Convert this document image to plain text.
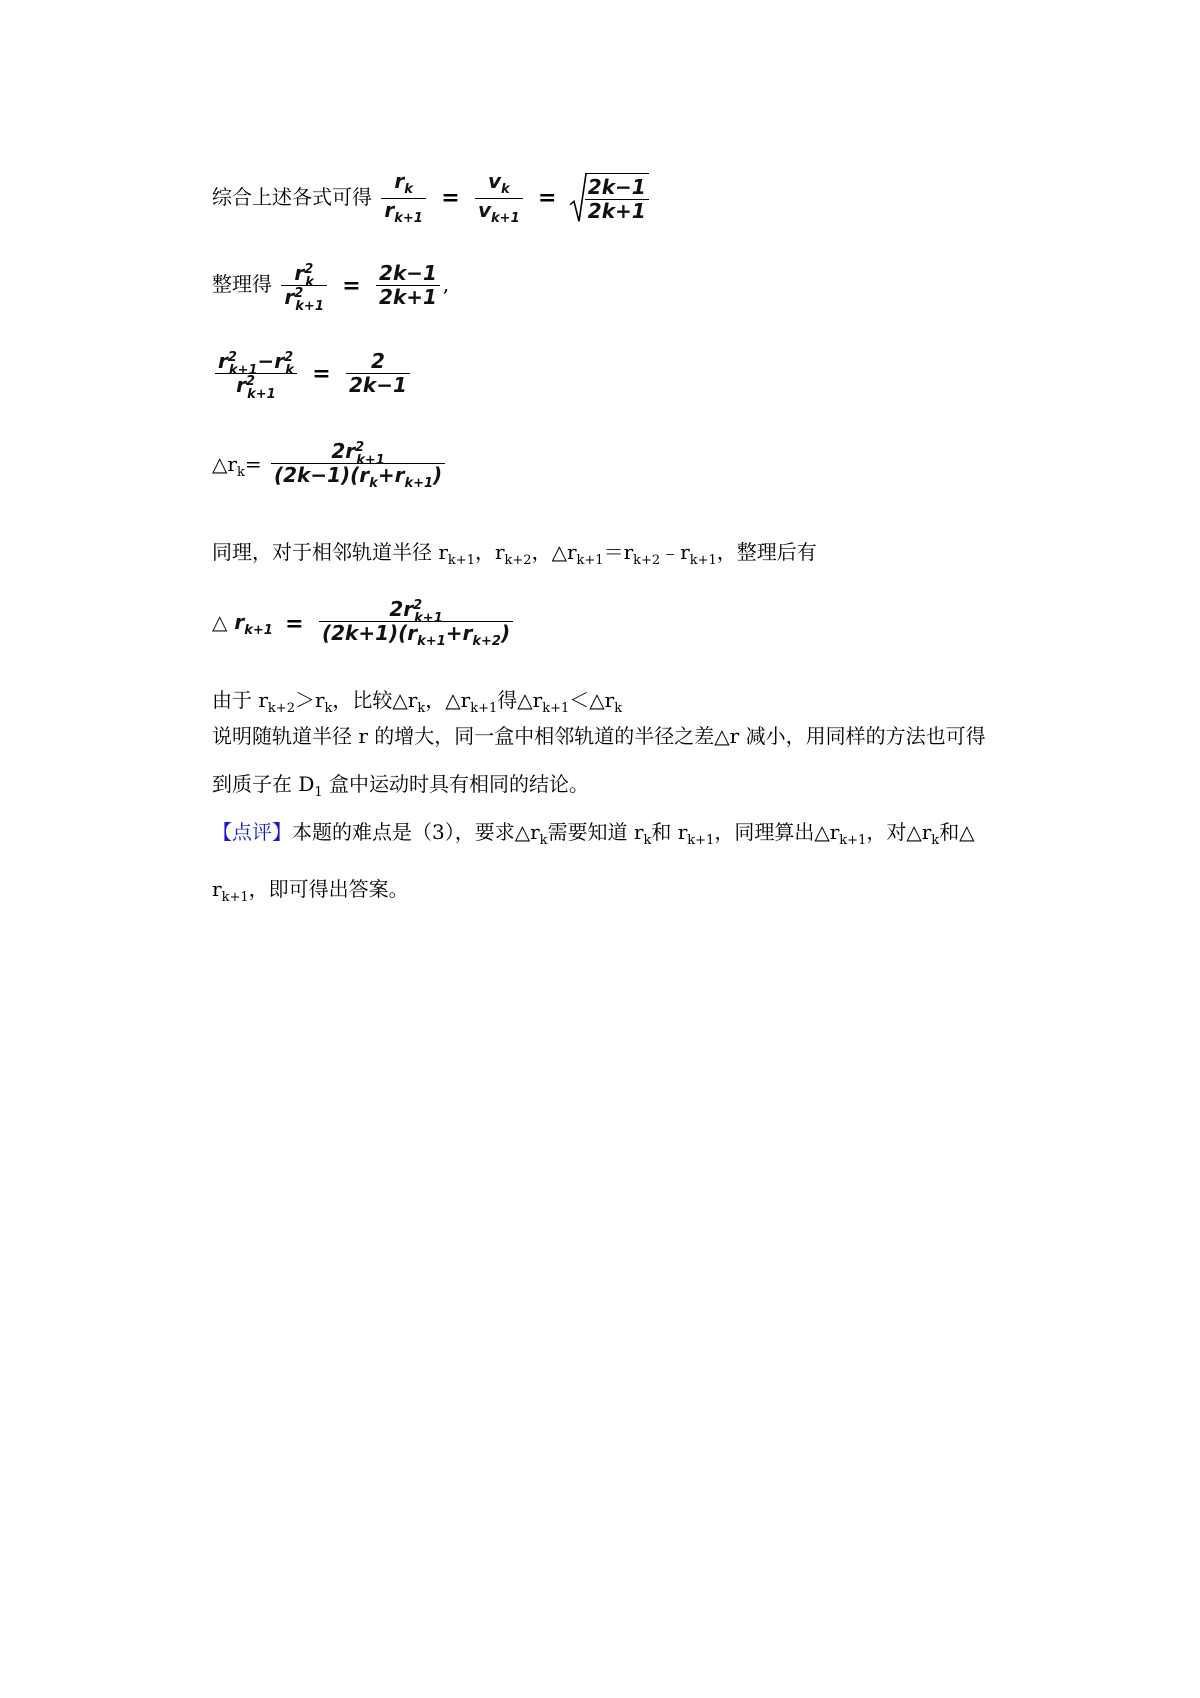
综合上述各式可得 $\frac{r_k}{r_{k+1}} = \frac{v_k}{v_{k+1}} = \frac{2k-1}{2k+1}$
整理得 $\frac{r^2_k}{r^2_{k+1}} = \frac{2k-1}{2k+1}$ ,
$\frac{r^2_{k+1}-r^2_k}{r^2_{k+1}} = \frac{2}{2k-1}$
$\triangle r_k= \frac{2r^2_{k+1}}{(2k-1)(r_k+r_{k+1})}$
同理，对于相邻轨道半径 $r_{k+1}$，$r_{k+2}$，$\triangle r_{k+1}=r_{k+2}﹣r_{k+1}$，整理后有
△ $r_{k+1} = \frac{2r^2_{k+1}}{(2k+1)(r_{k+1}+r_{k+2})}$
由于 $r_{k+2}>r_k$，比较$\triangle r_k$，$\triangle r_{k+1}$得$\triangle r_{k+1}<\triangle r_k$
说明随轨道半径 r 的增大，同一盒中相邻轨道的半径之差△r 减小，用同样的方法也可得
到质子在 $D_1$ 盒中运动时具有相同的结论。
【点评】本题的难点是（3），要求$\triangle r_k$需要知道 $r_k$和 $r_{k+1}$，同理算出$\triangle r_{k+1}$，对$\triangle r_k$和△
$r_{k+1}$，即可得出答案。
